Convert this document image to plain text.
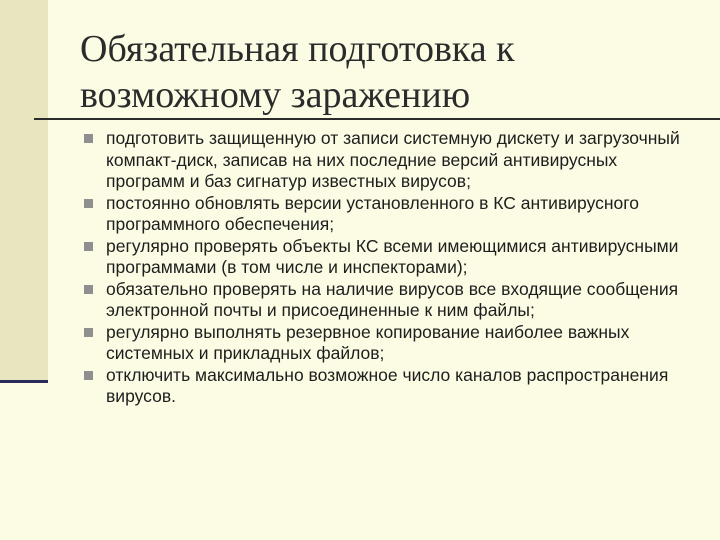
Обязательная подготовка к
возможному заражению
подготовить защищенную от записи системную дискету и загрузочный компакт-диск, записав на них последние версий антивирусных программ и баз сигнатур известных вирусов;
постоянно обновлять версии установленного в КС антивирусного программного обеспечения;
регулярно проверять объекты КС всеми имеющимися антивирусными программами (в том числе и инспекторами);
обязательно проверять на наличие вирусов все входящие сообщения электронной почты и присоединенные к ним файлы;
регулярно выполнять резервное копирование наиболее важных системных и прикладных файлов;
отключить максимально возможное число каналов распространения вирусов.
